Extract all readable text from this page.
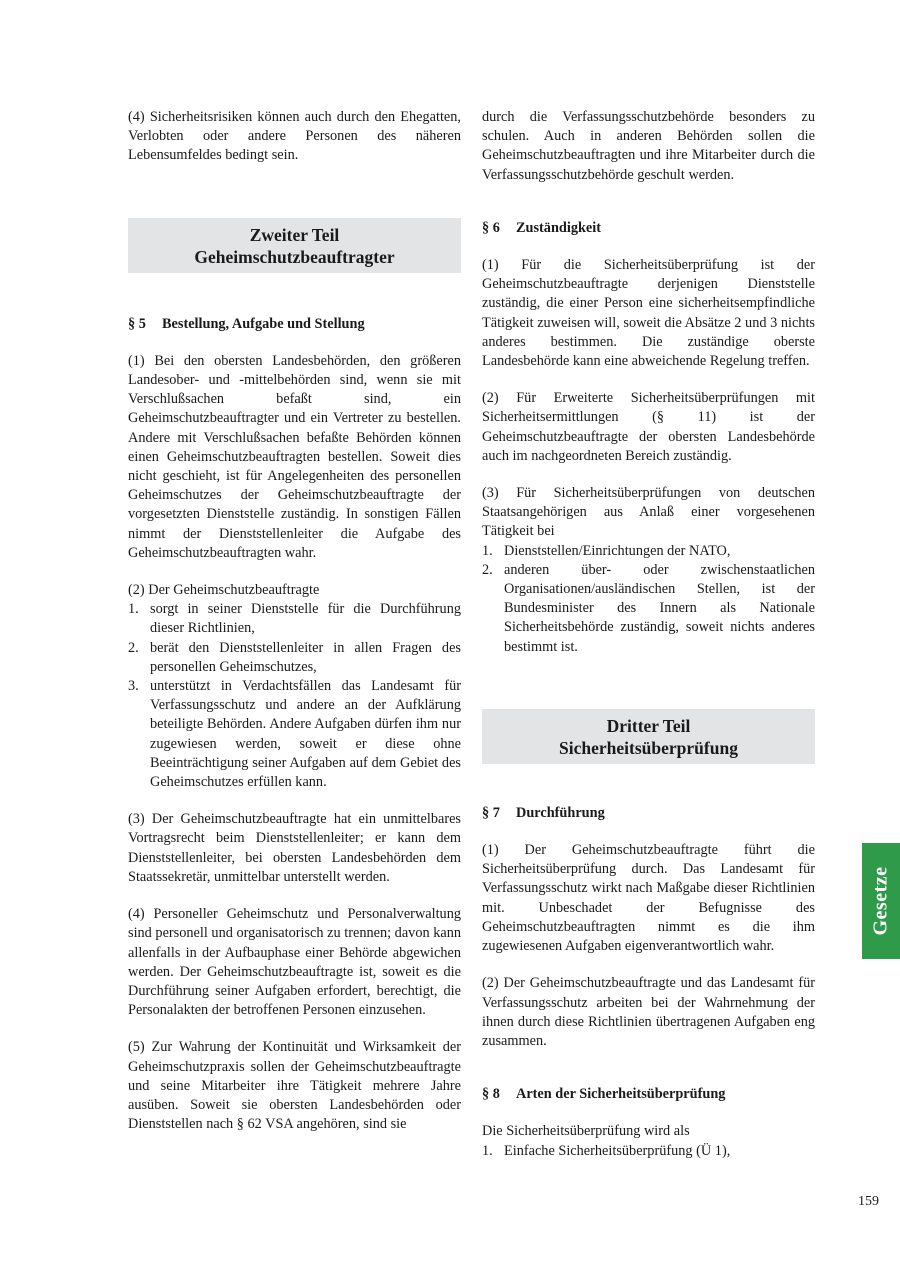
(4) Sicherheitsrisiken können auch durch den Ehegatten, Verlobten oder andere Personen des näheren Lebensumfeldes bedingt sein.

Zweiter Teil
Geheimschutzbeauftragter
§ 5 Bestellung, Aufgabe und Stellung

(1) Bei den obersten Landesbehörden, den größeren Landesober- und -mittelbehörden sind, wenn sie mit Verschlußsachen befaßt sind, ein Geheimschutzbeauftragter und ein Vertreter zu bestellen. Andere mit Verschlußsachen befaßte Behörden können einen Geheimschutzbeauftragten bestellen. Soweit dies nicht geschieht, ist für Angelegenheiten des personellen Geheimschutzes der Geheimschutzbeauftragte der vorgesetzten Dienststelle zuständig. In sonstigen Fällen nimmt der Dienststellenleiter die Aufgabe des Geheimschutzbeauftragten wahr.

(2) Der Geheimschutzbeauftragte

1. sorgt in seiner Dienststelle für die Durchführung dieser Richtlinien,
2. berät den Dienststellenleiter in allen Fragen des personellen Geheimschutzes,
3. unterstützt in Verdachtsfällen das Landesamt für Verfassungsschutz und andere an der Aufklärung beteiligte Behörden. Andere Aufgaben dürfen ihm nur zugewiesen werden, soweit er diese ohne Beeinträchtigung seiner Aufgaben auf dem Gebiet des Geheimschutzes erfüllen kann.

(3) Der Geheimschutzbeauftragte hat ein unmittelbares Vortragsrecht beim Dienststellenleiter; er kann dem Dienststellenleiter, bei obersten Landesbehörden dem Staatssekretär, unmittelbar unterstellt werden.

(4) Personeller Geheimschutz und Personalverwaltung sind personell und organisatorisch zu trennen; davon kann allenfalls in der Aufbauphase einer Behörde abgewichen werden. Der Geheimschutzbeauftragte ist, soweit es die Durchführung seiner Aufgaben erfordert, berechtigt, die Personalakten der betroffenen Personen einzusehen.

(5) Zur Wahrung der Kontinuität und Wirksamkeit der Geheimschutzpraxis sollen der Geheimschutzbeauftragte und seine Mitarbeiter ihre Tätigkeit mehrere Jahre ausüben. Soweit sie obersten Landesbehörden oder Dienststellen nach § 62 VSA angehören, sind sie

durch die Verfassungsschutzbehörde besonders zu schulen. Auch in anderen Behörden sollen die Geheimschutzbeauftragten und ihre Mitarbeiter durch die Verfassungsschutzbehörde geschult werden.

§ 6 Zuständigkeit

(1) Für die Sicherheitsüberprüfung ist der Geheimschutzbeauftragte derjenigen Dienststelle zuständig, die einer Person eine sicherheitsempfindliche Tätigkeit zuweisen will, soweit die Absätze 2 und 3 nichts anderes bestimmen. Die zuständige oberste Landesbehörde kann eine abweichende Regelung treffen.

(2) Für Erweiterte Sicherheitsüberprüfungen mit Sicherheitsermittlungen (§ 11) ist der Geheimschutzbeauftragte der obersten Landesbehörde auch im nachgeordneten Bereich zuständig.

(3) Für Sicherheitsüberprüfungen von deutschen Staatsangehörigen aus Anlaß einer vorgesehenen Tätigkeit bei

1. Dienststellen/Einrichtungen der NATO,
2. anderen über- oder zwischenstaatlichen Organisationen/ausländischen Stellen, ist der Bundesminister des Innern als Nationale Sicherheitsbehörde zuständig, soweit nichts anderes bestimmt ist.
Dritter Teil
Sicherheitsüberprüfung
§ 7 Durchführung

(1) Der Geheimschutzbeauftragte führt die Sicherheitsüberprüfung durch. Das Landesamt für Verfassungsschutz wirkt nach Maßgabe dieser Richtlinien mit. Unbeschadet der Befugnisse des Geheimschutzbeauftragten nimmt es die ihm zugewiesenen Aufgaben eigenverantwortlich wahr.

(2) Der Geheimschutzbeauftragte und das Landesamt für Verfassungsschutz arbeiten bei der Wahrnehmung der ihnen durch diese Richtlinien übertragenen Aufgaben eng zusammen.

§ 8 Arten der Sicherheitsüberprüfung

Die Sicherheitsüberprüfung wird als

1. Einfache Sicherheitsüberprüfung (Ü 1),
Gesetze
159
